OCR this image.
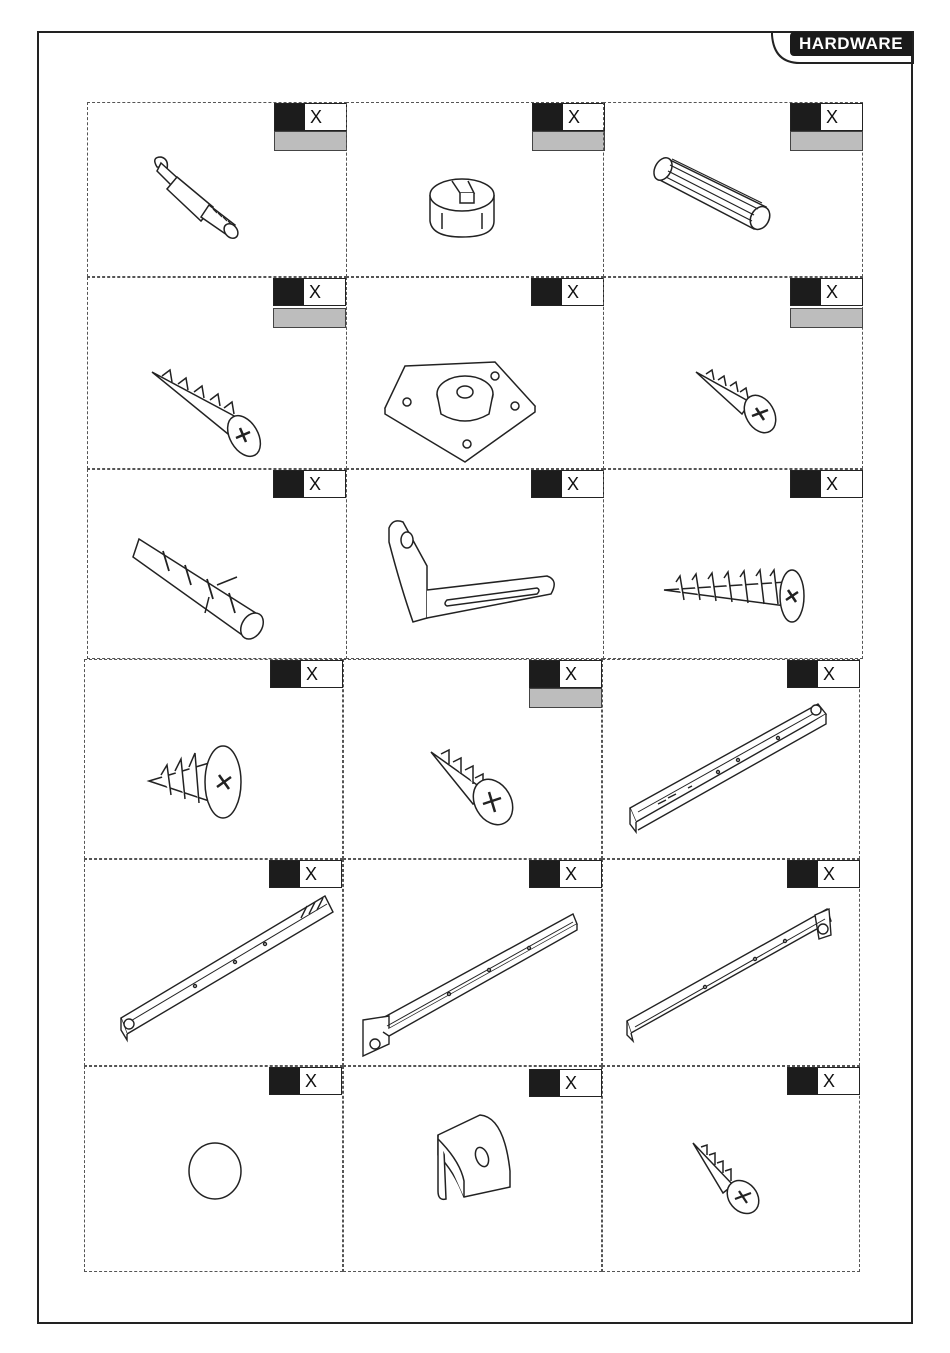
HARDWARE
X	X	X
X	X	X
X	X	X
X	X	X
X	X	X
X	X	X
